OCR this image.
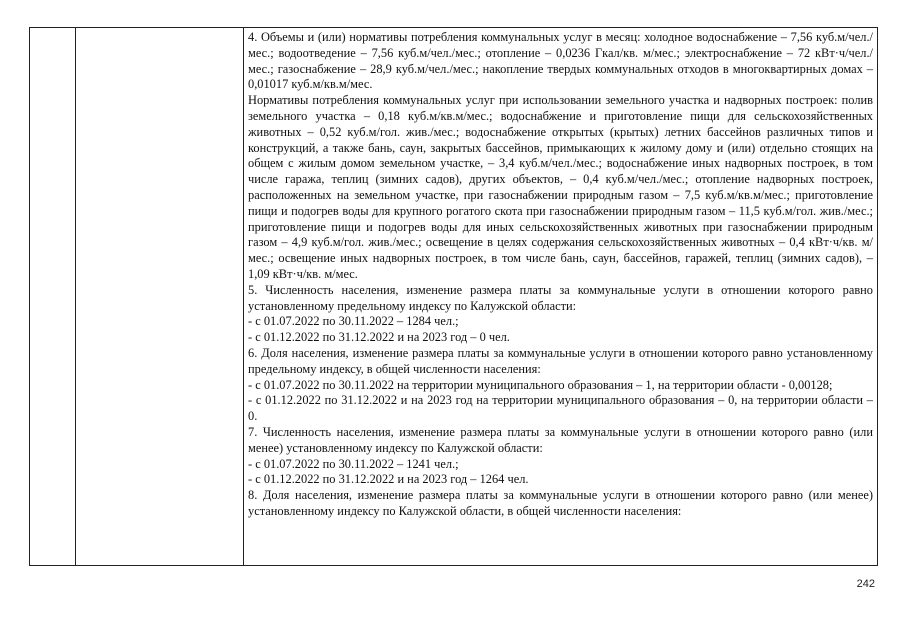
4. Объемы и (или) нормативы потребления коммунальных услуг в месяц: холодное водоснабжение – 7,56 куб.м/чел./мес.; водоотведение – 7,56 куб.м/чел./мес.; отопление – 0,0236 Гкал/кв. м/мес.; электроснабжение – 72 кВт·ч/чел./мес.; газоснабжение – 28,9 куб.м/чел./мес.; накопление твердых коммунальных отходов в многоквартирных домах – 0,01017 куб.м/кв.м/мес.

Нормативы потребления коммунальных услуг при использовании земельного участка и надворных построек: полив земельного участка – 0,18 куб.м/кв.м/мес.; водоснабжение и приготовление пищи для сельскохозяйственных животных – 0,52 куб.м/гол. жив./мес.; водоснабжение открытых (крытых) летних бассейнов различных типов и конструкций, а также бань, саун, закрытых бассейнов, примыкающих к жилому дому и (или) отдельно стоящих на общем с жилым домом земельном участке, – 3,4 куб.м/чел./мес.; водоснабжение иных надворных построек, в том числе гаража, теплиц (зимних садов), других объектов, – 0,4 куб.м/чел./мес.; отопление надворных построек, расположенных на земельном участке, при газоснабжении природным газом – 7,5 куб.м/кв.м/мес.; приготовление пищи и подогрев воды для крупного рогатого скота при газоснабжении природным газом – 11,5 куб.м/гол. жив./мес.; приготовление пищи и подогрев воды для иных сельскохозяйственных животных при газоснабжении природным газом – 4,9 куб.м/гол. жив./мес.; освещение в целях содержания сельскохозяйственных животных – 0,4 кВт·ч/кв. м/мес.; освещение иных надворных построек, в том числе бань, саун, бассейнов, гаражей, теплиц (зимних садов), – 1,09 кВт·ч/кв. м/мес.

5. Численность населения, изменение размера платы за коммунальные услуги в отношении которого равно установленному предельному индексу по Калужской области:

- с 01.07.2022 по 30.11.2022 – 1284 чел.;

- с 01.12.2022 по 31.12.2022 и на 2023 год – 0 чел.

6. Доля населения, изменение размера платы за коммунальные услуги в отношении которого равно установленному предельному индексу, в общей численности населения:

- с 01.07.2022 по 30.11.2022 на территории муниципального образования – 1, на территории области - 0,00128;

- с 01.12.2022 по 31.12.2022 и на 2023 год на территории муниципального образования – 0, на территории области – 0.

7. Численность населения, изменение размера платы за коммунальные услуги в отношении которого равно (или менее) установленному индексу по Калужской области:

- с 01.07.2022 по 30.11.2022 – 1241 чел.;

- с 01.12.2022 по 31.12.2022 и на 2023 год – 1264 чел.

8. Доля населения, изменение размера платы за коммунальные услуги в отношении которого равно (или менее) установленному индексу по Калужской области, в общей численности населения:

242
